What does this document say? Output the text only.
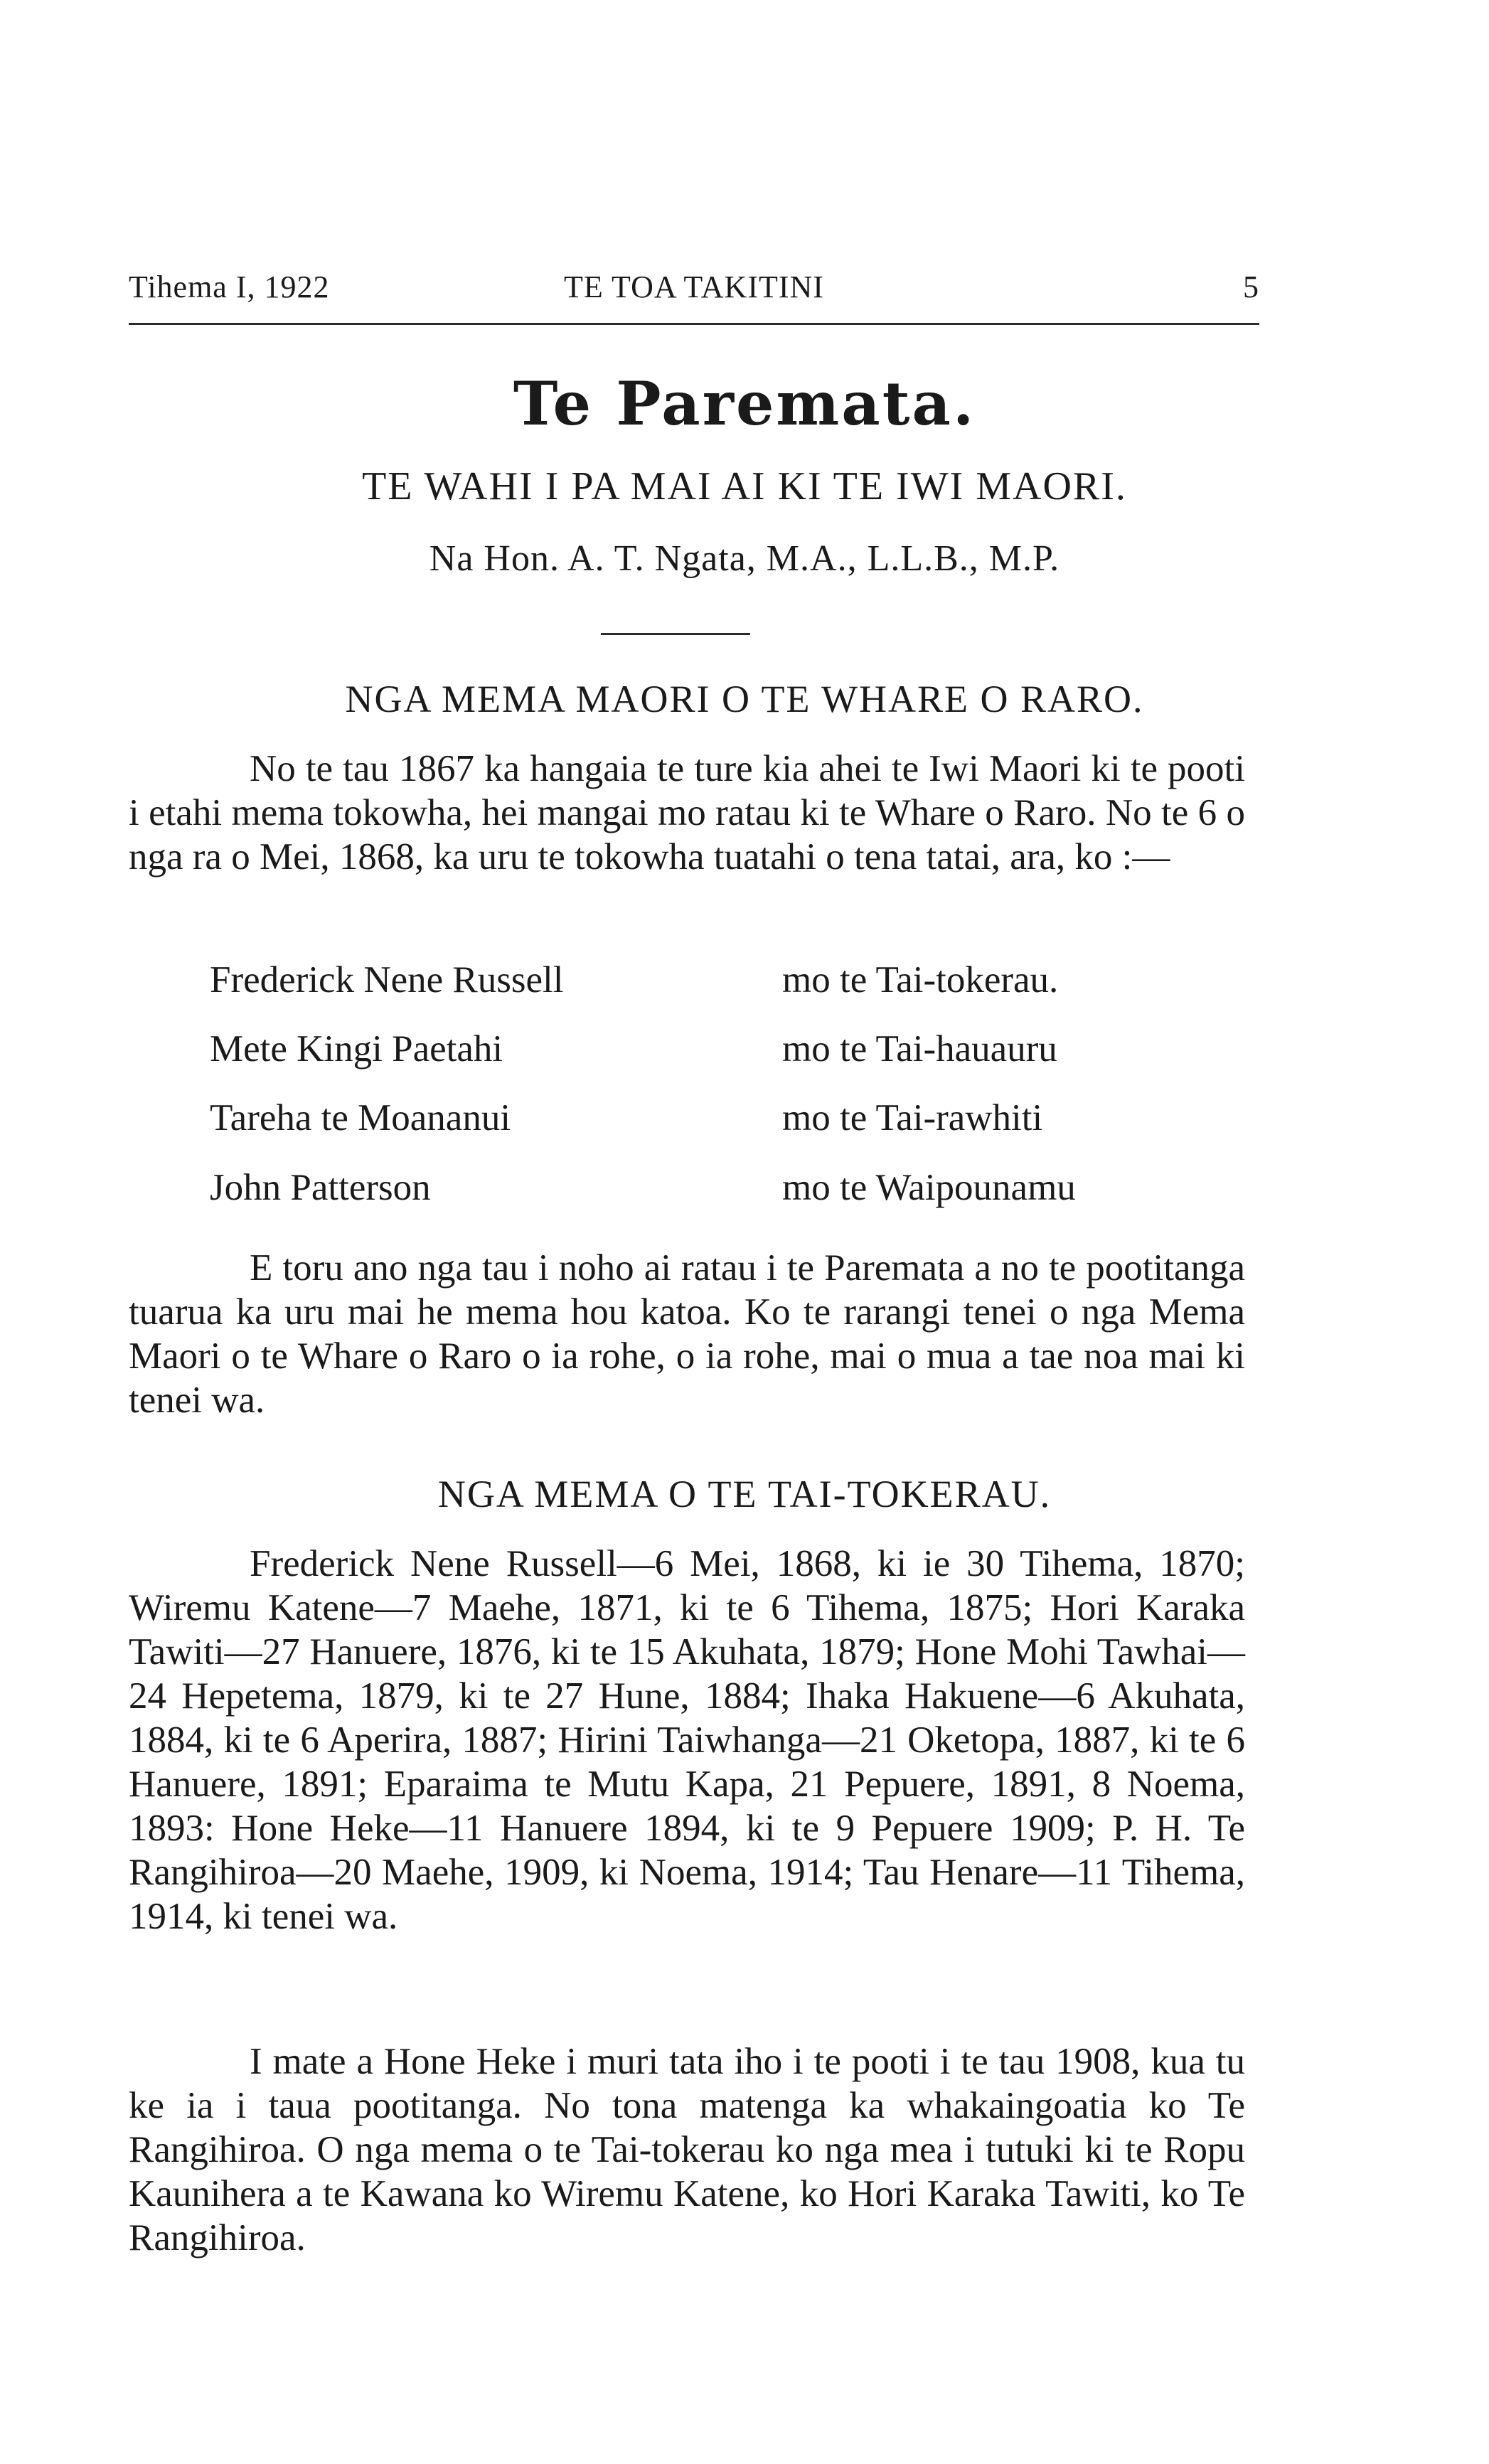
Tihema I, 1922	TE TOA TAKITINI	5
Te Paremata.
TE WAHI I PA MAI AI KI TE IWI MAORI.
Na Hon. A. T. Ngata, M.A., L.L.B., M.P.
NGA MEMA MAORI O TE WHARE O RARO.

No te tau 1867 ka hangaia te ture kia ahei te Iwi Maori ki te pooti i etahi mema tokowha, hei mangai mo ratau ki te Whare o Raro. No te 6 o nga ra o Mei, 1868, ka uru te tokowha tuatahi o tena tatai, ara, ko :—

Frederick Nene Russell	mo te Tai-tokerau.
Mete Kingi Paetahi	mo te Tai-hauauru
Tareha te Moananui	mo te Tai-rawhiti
John Patterson	mo te Waipounamu

E toru ano nga tau i noho ai ratau i te Paremata a no te pootitanga tuarua ka uru mai he mema hou katoa. Ko te rarangi tenei o nga Mema Maori o te Whare o Raro o ia rohe, o ia rohe, mai o mua a tae noa mai ki tenei wa.

NGA MEMA O TE TAI-TOKERAU.

Frederick Nene Russell—6 Mei, 1868, ki ie 30 Tihema, 1870; Wiremu Katene—7 Maehe, 1871, ki te 6 Tihema, 1875; Hori Karaka Tawiti—27 Hanuere, 1876, ki te 15 Akuhata, 1879; Hone Mohi Tawhai—24 Hepetema, 1879, ki te 27 Hune, 1884; Ihaka Hakuene—6 Akuhata, 1884, ki te 6 Aperira, 1887; Hirini Taiwhanga—21 Oketopa, 1887, ki te 6 Hanuere, 1891; Eparaima te Mutu Kapa, 21 Pepuere, 1891, 8 Noema, 1893: Hone Heke—11 Hanuere 1894, ki te 9 Pepuere 1909; P. H. Te Rangihiroa—20 Maehe, 1909, ki Noema, 1914; Tau Henare—11 Tihema, 1914, ki tenei wa.

I mate a Hone Heke i muri tata iho i te pooti i te tau 1908, kua tu ke ia i taua pootitanga. No tona matenga ka whakaingoatia ko Te Rangihiroa. O nga mema o te Tai-tokerau ko nga mea i tutuki ki te Ropu Kaunihera a te Kawana ko Wiremu Katene, ko Hori Karaka Tawiti, ko Te Rangihiroa.
